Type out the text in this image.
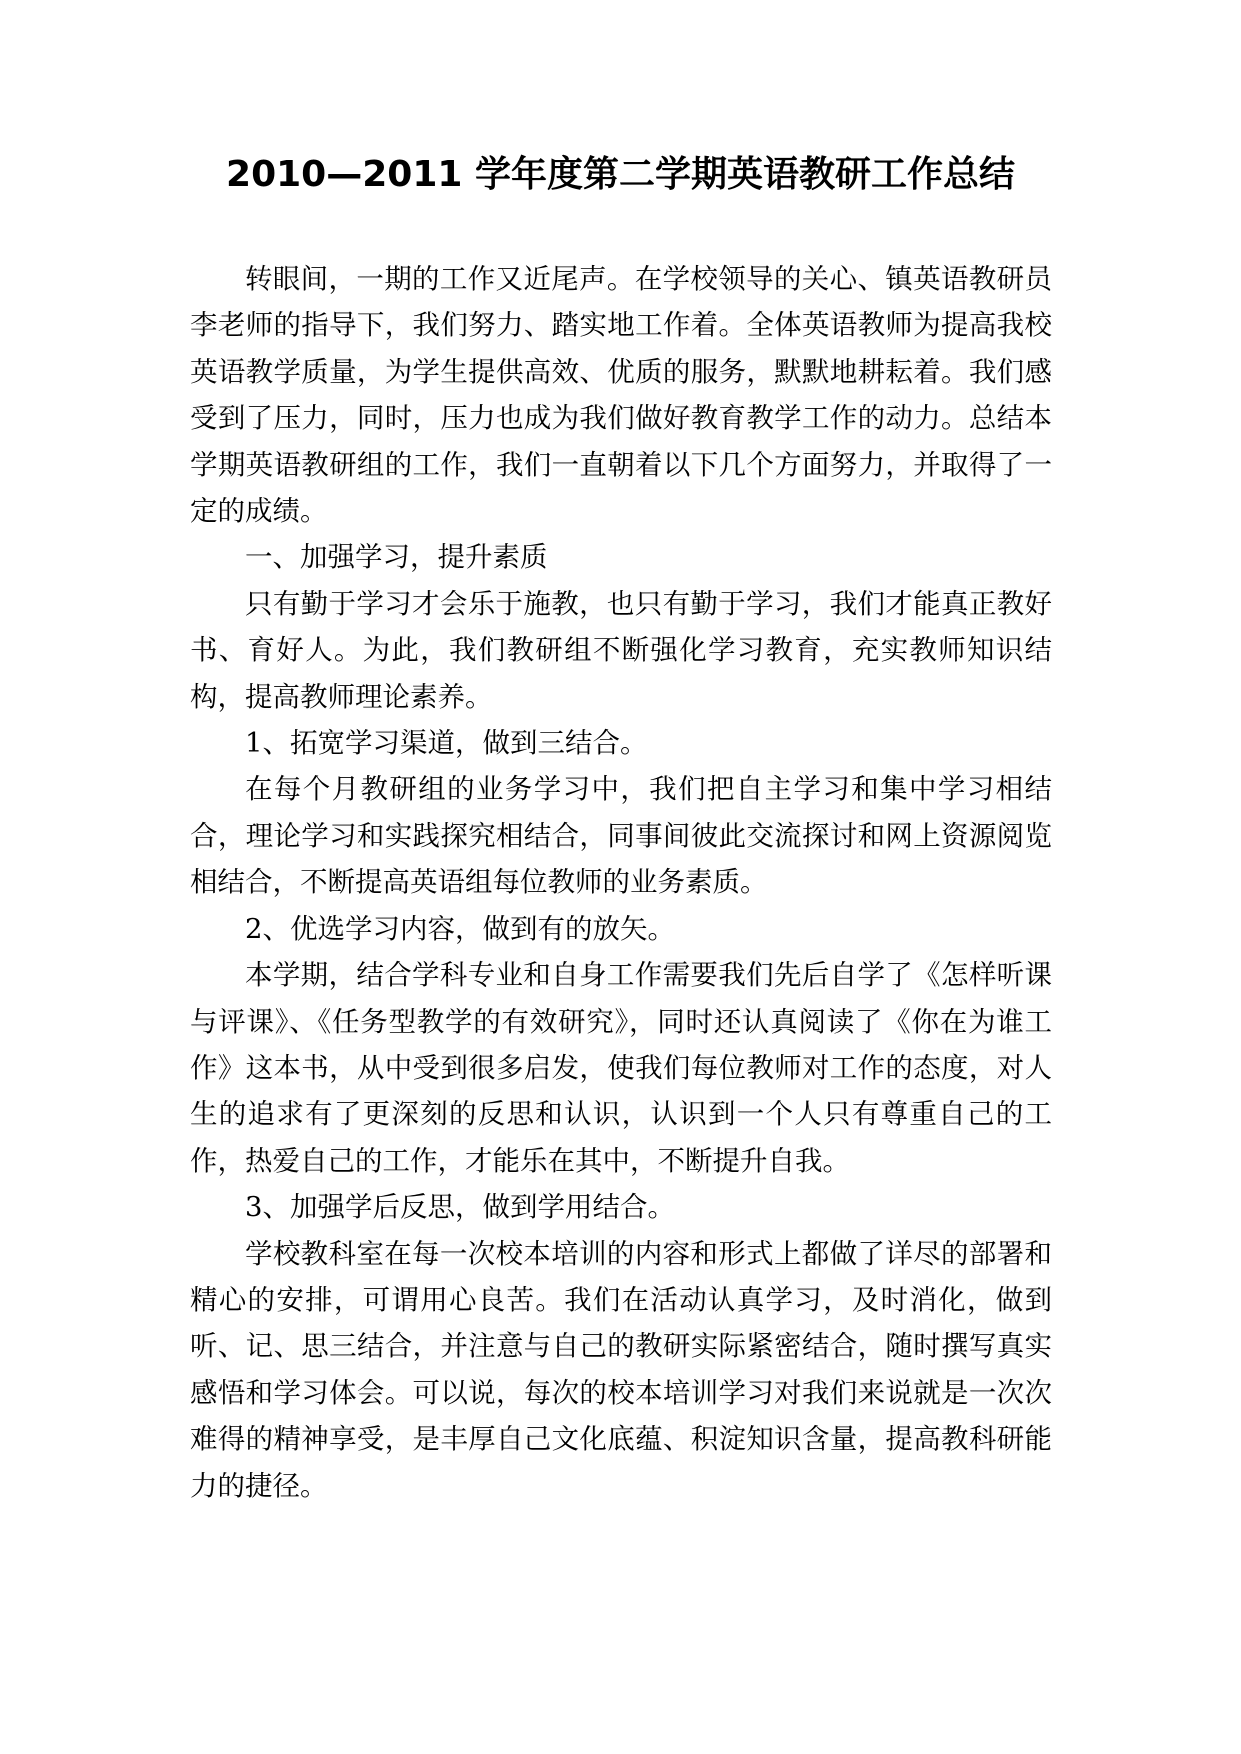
2010—2011 学年度第二学期英语教研工作总结

转眼间，一期的工作又近尾声。在学校领导的关心、镇英语教研员李老师的指导下，我们努力、踏实地工作着。全体英语教师为提高我校英语教学质量，为学生提供高效、优质的服务，默默地耕耘着。我们感受到了压力，同时，压力也成为我们做好教育教学工作的动力。总结本学期英语教研组的工作，我们一直朝着以下几个方面努力，并取得了一定的成绩。

一、加强学习，提升素质

只有勤于学习才会乐于施教，也只有勤于学习，我们才能真正教好书、育好人。为此，我们教研组不断强化学习教育，充实教师知识结构，提高教师理论素养。

1、拓宽学习渠道，做到三结合。

在每个月教研组的业务学习中，我们把自主学习和集中学习相结合，理论学习和实践探究相结合，同事间彼此交流探讨和网上资源阅览相结合，不断提高英语组每位教师的业务素质。

2、优选学习内容，做到有的放矢。

本学期，结合学科专业和自身工作需要我们先后自学了《怎样听课与评课》、《任务型教学的有效研究》，同时还认真阅读了《你在为谁工作》这本书，从中受到很多启发，使我们每位教师对工作的态度，对人生的追求有了更深刻的反思和认识，认识到一个人只有尊重自己的工作，热爱自己的工作，才能乐在其中，不断提升自我。

3、加强学后反思，做到学用结合。

学校教科室在每一次校本培训的内容和形式上都做了详尽的部署和精心的安排，可谓用心良苦。我们在活动认真学习，及时消化，做到听、记、思三结合，并注意与自己的教研实际紧密结合，随时撰写真实感悟和学习体会。可以说，每次的校本培训学习对我们来说就是一次次难得的精神享受，是丰厚自己文化底蕴、积淀知识含量，提高教科研能力的捷径。
